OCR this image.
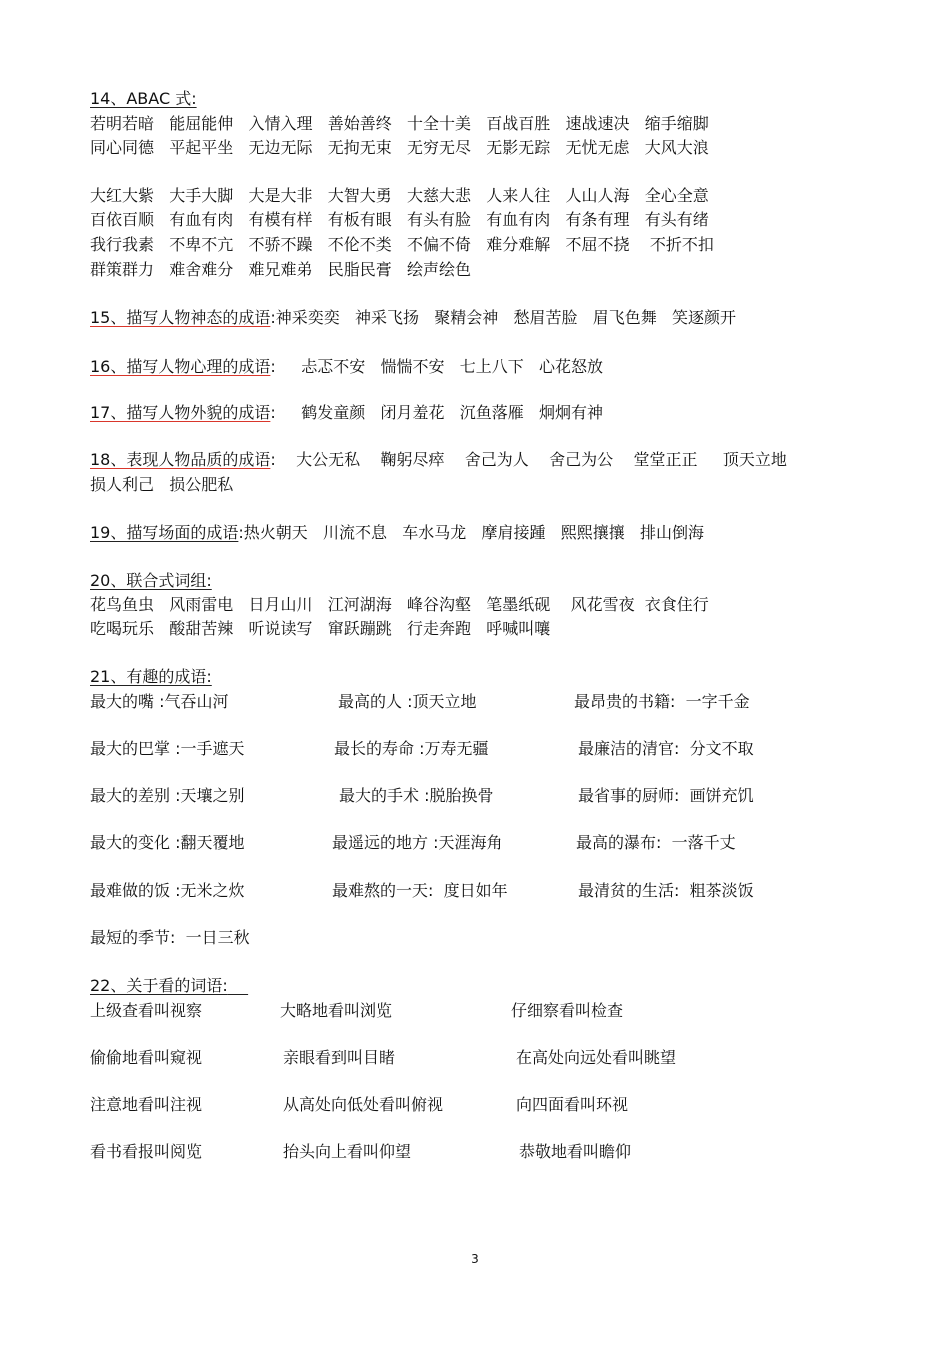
14、ABAC 式:
若明若暗   能屈能伸   入情入理   善始善终   十全十美   百战百胜   速战速决   缩手缩脚
同心同德   平起平坐   无边无际   无拘无束   无穷无尽   无影无踪   无忧无虑   大风大浪
大红大紫   大手大脚   大是大非   大智大勇   大慈大悲   人来人往   人山人海   全心全意
百依百顺   有血有肉   有模有样   有板有眼   有头有脸   有血有肉   有条有理   有头有绪
我行我素   不卑不亢   不骄不躁   不伦不类   不偏不倚   难分难解   不屈不挠    不折不扣
群策群力   难舍难分   难兄难弟   民脂民膏   绘声绘色
15、描写人物神态的成语:神采奕奕   神采飞扬   聚精会神   愁眉苦脸   眉飞色舞   笑逐颜开
16、描写人物心理的成语:     忐忑不安   惴惴不安   七上八下   心花怒放
17、描写人物外貌的成语:     鹤发童颜   闭月羞花   沉鱼落雁   炯炯有神
18、表现人物品质的成语:    大公无私    鞠躬尽瘁    舍己为人    舍己为公    堂堂正正     顶天立地
损人利己   损公肥私
19、描写场面的成语:热火朝天   川流不息   车水马龙   摩肩接踵   熙熙攘攘   排山倒海
20、联合式词组:
花鸟鱼虫   风雨雷电   日月山川   江河湖海   峰谷沟壑   笔墨纸砚    风花雪夜  衣食住行
吃喝玩乐   酸甜苦辣   听说读写   窜跃蹦跳   行走奔跑   呼喊叫嚷
21、有趣的成语:
最大的嘴 :气吞山河	最高的人 :顶天立地	最昂贵的书籍:  一字千金
最大的巴掌 :一手遮天	最长的寿命 :万寿无疆	最廉洁的清官:  分文不取
最大的差别 :天壤之别	最大的手术 :脱胎换骨	最省事的厨师:  画饼充饥
最大的变化 :翻天覆地	最遥远的地方 :天涯海角	最高的瀑布:  一落千丈
最难做的饭 :无米之炊	最难熬的一天:  度日如年	最清贫的生活:  粗茶淡饭
最短的季节:  一日三秋
22、关于看的词语:
上级查看叫视察	大略地看叫浏览	仔细察看叫检查
偷偷地看叫窥视	亲眼看到叫目睹	在高处向远处看叫眺望
注意地看叫注视	从高处向低处看叫俯视	向四面看叫环视
看书看报叫阅览	抬头向上看叫仰望	恭敬地看叫瞻仰
3
